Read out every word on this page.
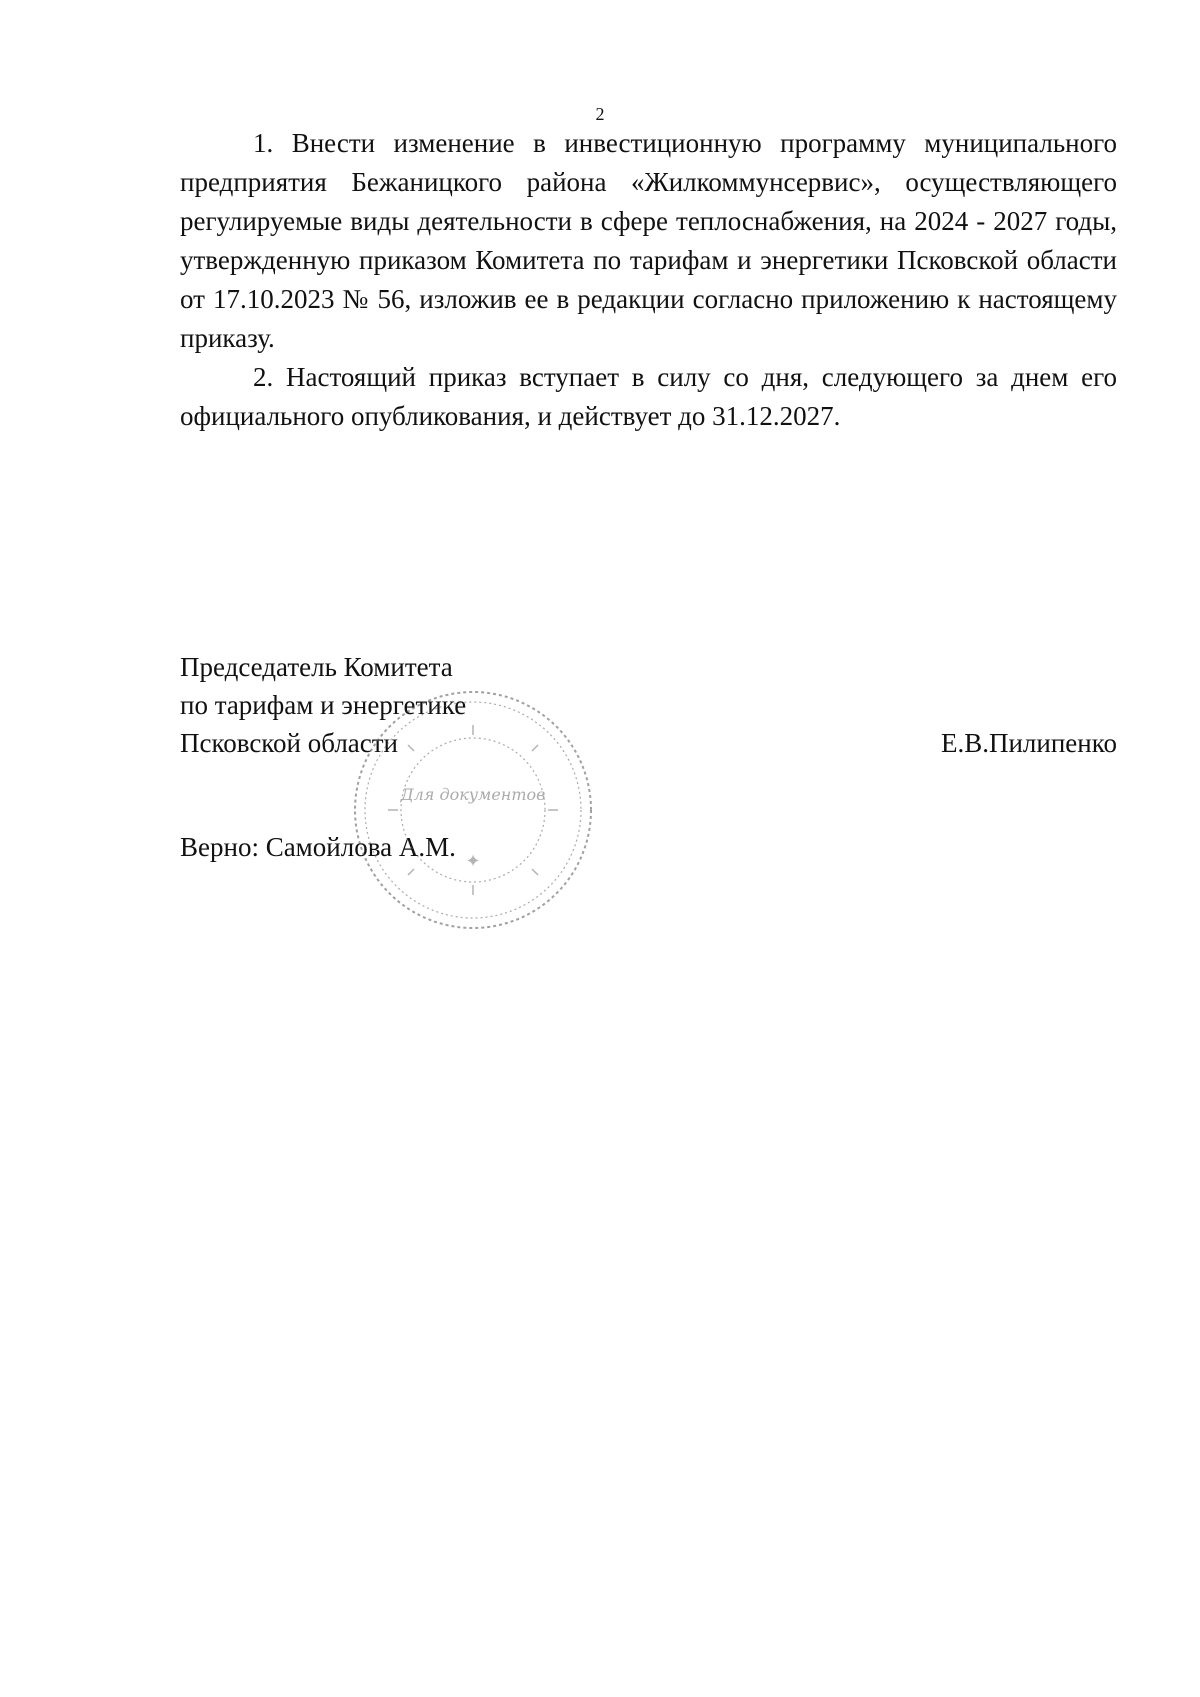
2

1. Внести изменение в инвестиционную программу муниципального предприятия Бежаницкого района «Жилкоммунсервис», осуществляющего регулируемые виды деятельности в сфере теплоснабжения, на 2024 - 2027 годы, утвержденную приказом Комитета по тарифам и энергетики Псковской области от 17.10.2023 № 56, изложив ее в редакции согласно приложению к настоящему приказу.

2. Настоящий приказ вступает в силу со дня, следующего за днем его официального опубликования, и действует до 31.12.2027.

Председатель Комитета
по тарифам и энергетике
Псковской области	Е.В.Пилипенко
Верно: Самойлова А.М.
Для документов
✦
